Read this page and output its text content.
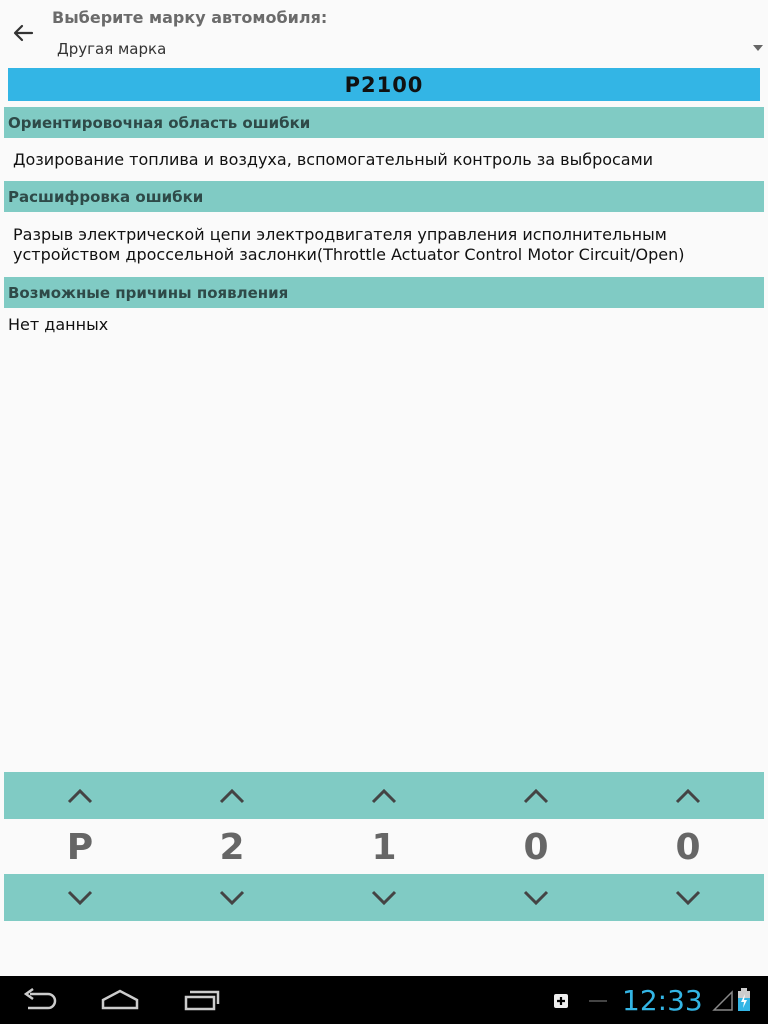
Выберите марку автомобиля:
Другая марка
P2100
Ориентировочная область ошибки
Дозирование топлива и воздуха, вспомогательный контроль за выбросами
Расшифровка ошибки
Разрыв электрической цепи электродвигателя управления исполнительным
устройством дроссельной заслонки(Throttle Actuator Control Motor Circuit/Open)
Возможные причины появления
Нет данных
P	2	1	0	0
12:33
